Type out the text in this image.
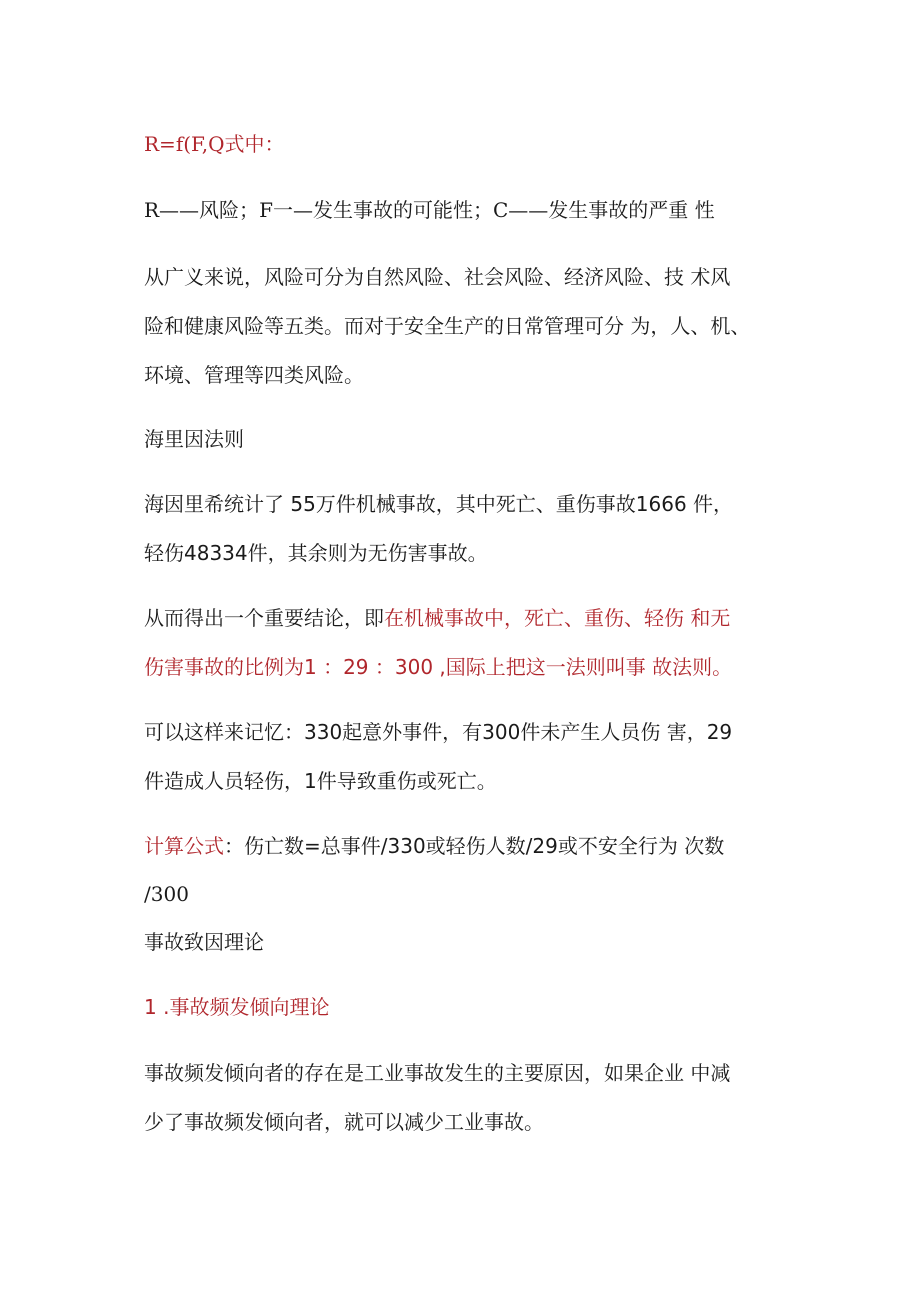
R=f(F,Q式中：

R——风险；F一—发生事故的可能性；C——发生事故的严重 性

从广义来说，风险可分为自然风险、社会风险、经济风险、技 术风

险和健康风险等五类。而对于安全生产的日常管理可分 为，人、机、

环境、管理等四类风险。

海里因法则

海因里希统计了 55万件机械事故，其中死亡、重伤事故1666 件，

轻伤48334件，其余则为无伤害事故。

从而得出一个重要结论，即在机械事故中，死亡、重伤、轻伤 和无

伤害事故的比例为1 ：29 ：300 ,国际上把这一法则叫事 故法则。

可以这样来记忆：330起意外事件，有300件未产生人员伤 害，29

件造成人员轻伤，1件导致重伤或死亡。

计算公式：伤亡数=总事件/330或轻伤人数/29或不安全行为 次数

/300

事故致因理论

1 .事故频发倾向理论

事故频发倾向者的存在是工业事故发生的主要原因，如果企业 中减

少了事故频发倾向者，就可以减少工业事故。
